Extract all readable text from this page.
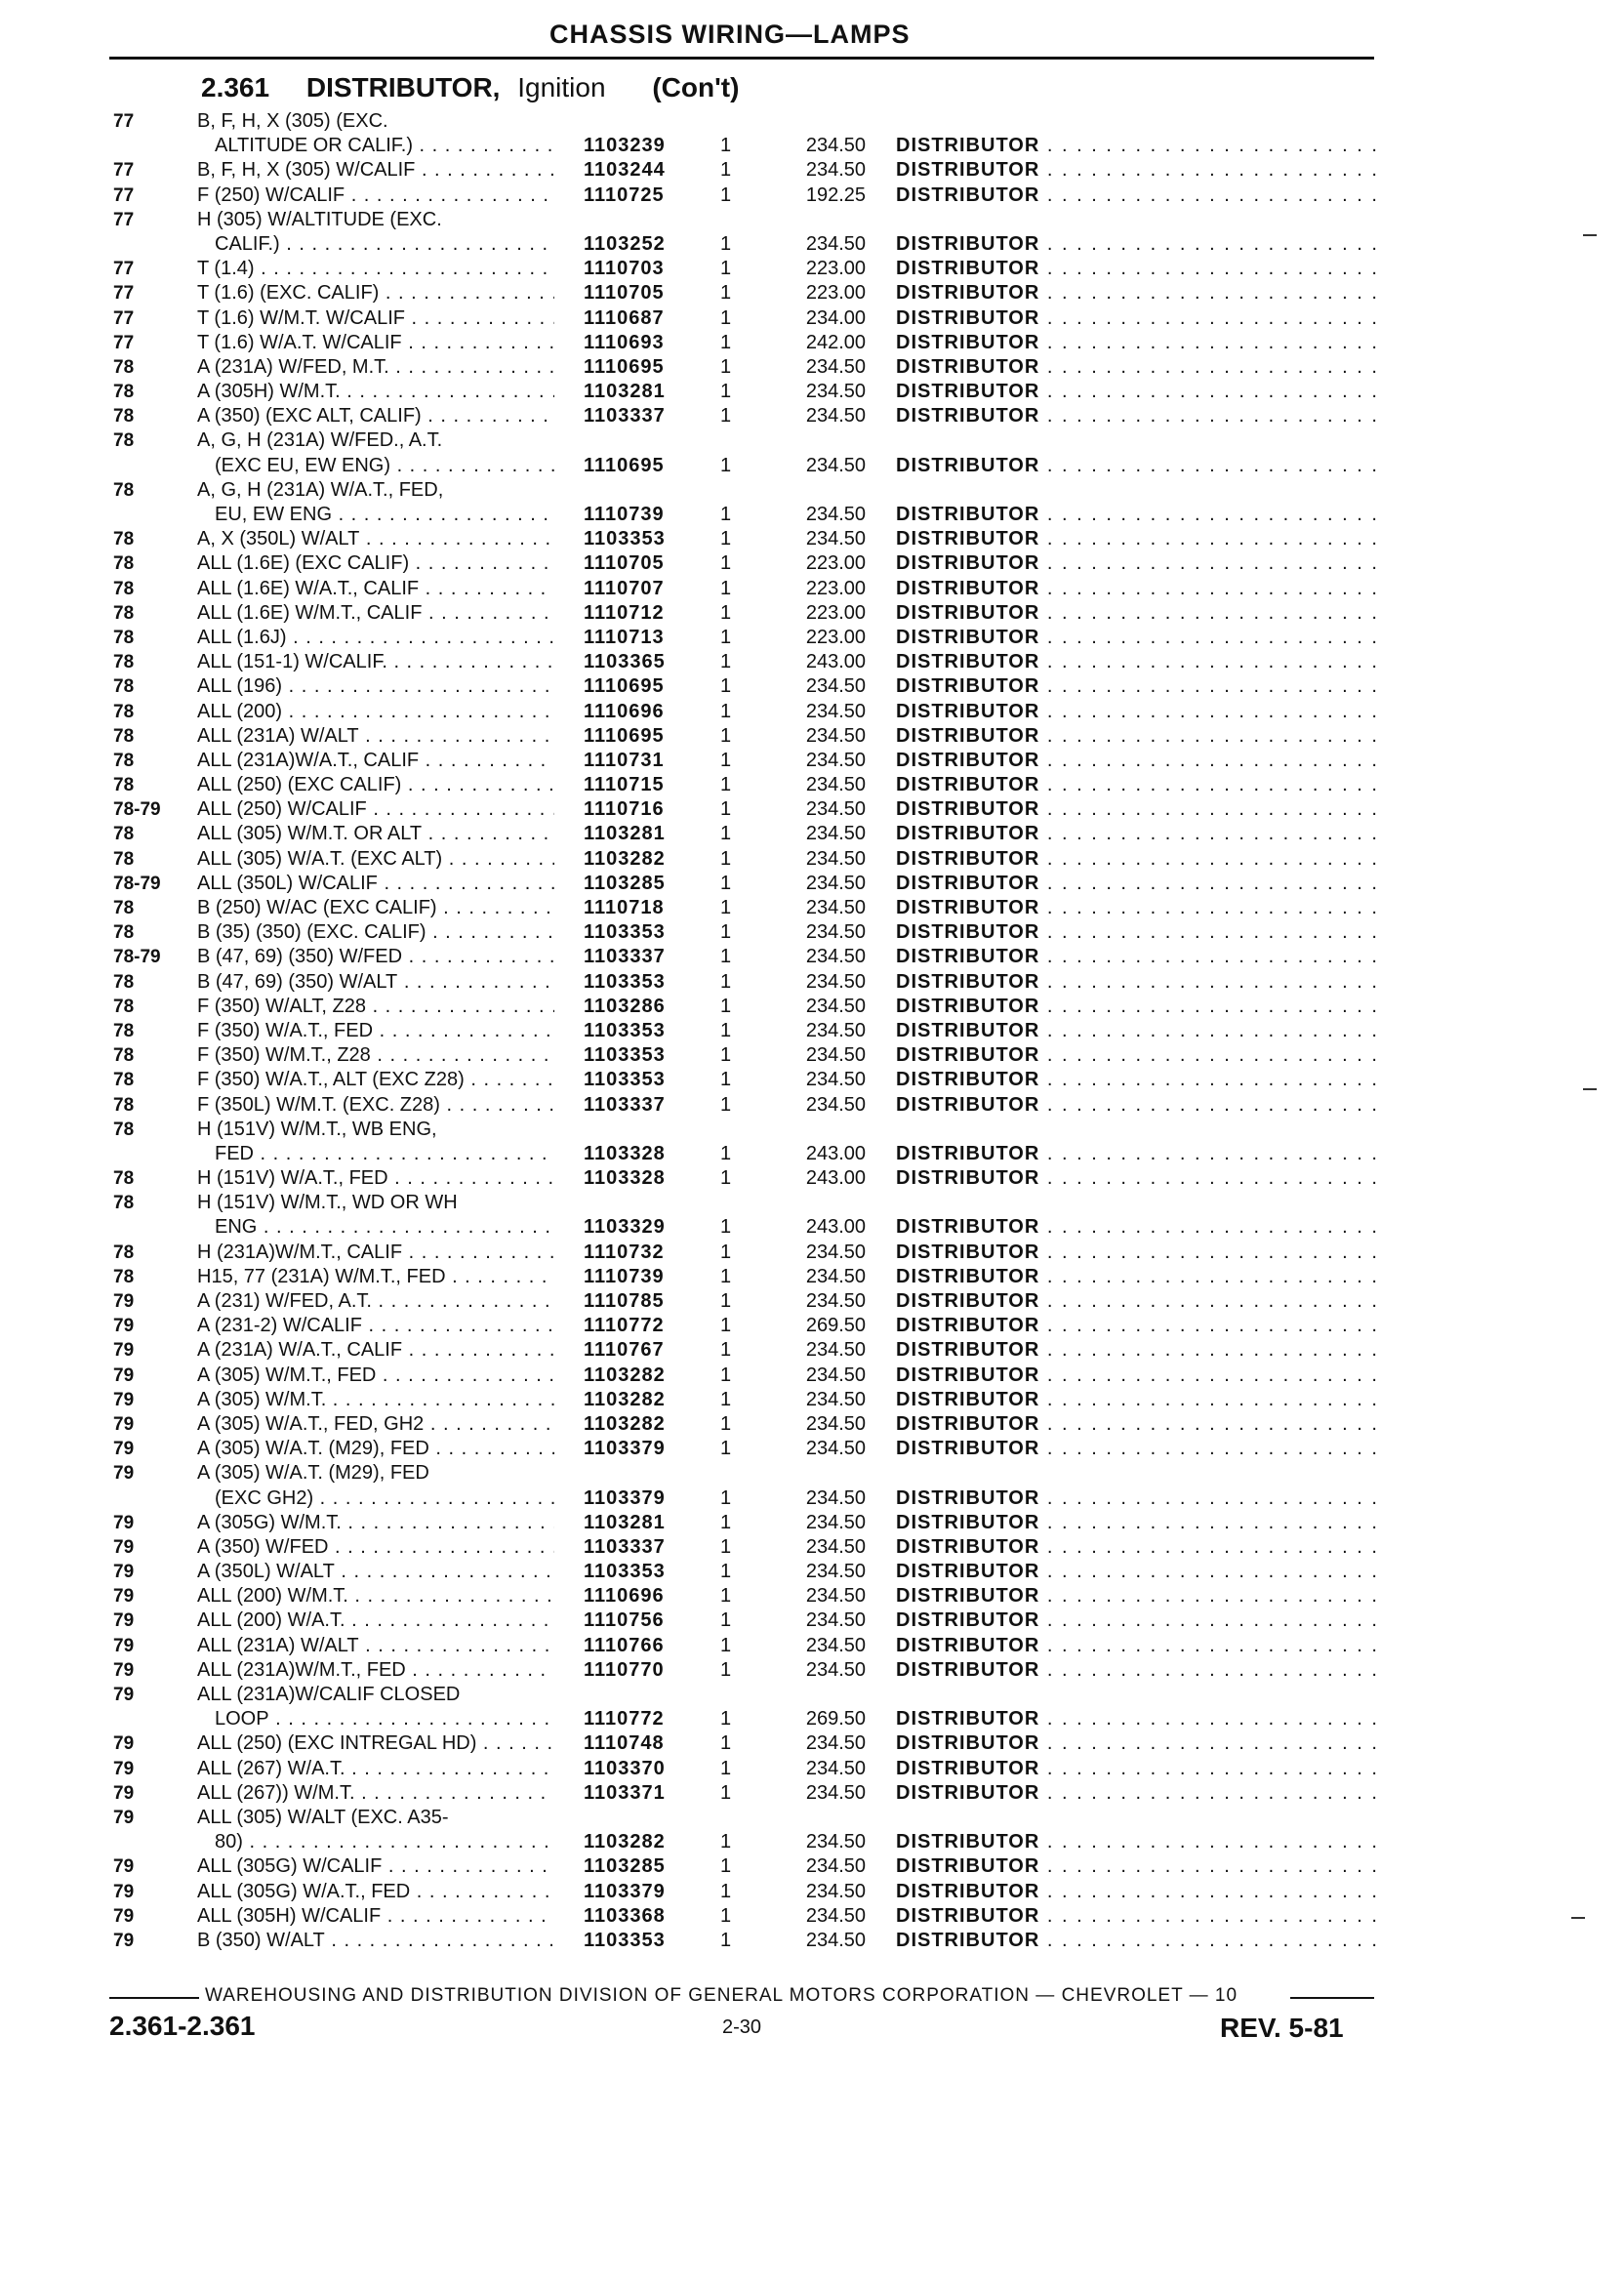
CHASSIS WIRING—LAMPS
2.361 DISTRIBUTOR, Ignition (Con't)
77	B, F, H, X (305) (EXC.
ALTITUDE OR CALIF.) . . .	1103239	1	234.50 DISTRIBUTOR . . .
77	B, F, H, X (305) W/CALIF . . .	1103244	1	234.50 DISTRIBUTOR . . .
77	F (250) W/CALIF . . .	1110725	1	192.25 DISTRIBUTOR . . .
77	H (305) W/ALTITUDE (EXC.
CALIF.) . . .	1103252	1	234.50 DISTRIBUTOR . . .
77	T (1.4) . . .	1110703	1	223.00 DISTRIBUTOR . . .
77	T (1.6) (EXC. CALIF) . . .	1110705	1	223.00 DISTRIBUTOR . . .
77	T (1.6) W/M.T. W/CALIF . . .	1110687	1	234.00 DISTRIBUTOR . . .
77	T (1.6) W/A.T. W/CALIF . . .	1110693	1	242.00 DISTRIBUTOR . . .
78	A (231A) W/FED, M.T. . . .	1110695	1	234.50 DISTRIBUTOR . . .
78	A (305H) W/M.T. . . .	1103281	1	234.50 DISTRIBUTOR . . .
78	A (350) (EXC ALT, CALIF) . . .	1103337	1	234.50 DISTRIBUTOR . . .
78	A, G, H (231A) W/FED., A.T.
(EXC EU, EW ENG) . . .	1110695	1	234.50 DISTRIBUTOR . . .
78	A, G, H (231A) W/A.T., FED,
EU, EW ENG . . .	1110739	1	234.50 DISTRIBUTOR . . .
78	A, X (350L) W/ALT . . .	1103353	1	234.50 DISTRIBUTOR . . .
78	ALL (1.6E) (EXC CALIF) . . .	1110705	1	223.00 DISTRIBUTOR . . .
78	ALL (1.6E) W/A.T., CALIF . . .	1110707	1	223.00 DISTRIBUTOR . . .
78	ALL (1.6E) W/M.T., CALIF . . .	1110712	1	223.00 DISTRIBUTOR . . .
78	ALL (1.6J) . . .	1110713	1	223.00 DISTRIBUTOR . . .
78	ALL (151-1) W/CALIF. . . .	1103365	1	243.00 DISTRIBUTOR . . .
78	ALL (196) . . .	1110695	1	234.50 DISTRIBUTOR . . .
78	ALL (200) . . .	1110696	1	234.50 DISTRIBUTOR . . .
78	ALL (231A) W/ALT . . .	1110695	1	234.50 DISTRIBUTOR . . .
78	ALL (231A)W/A.T., CALIF . . .	1110731	1	234.50 DISTRIBUTOR . . .
78	ALL (250) (EXC CALIF) . . .	1110715	1	234.50 DISTRIBUTOR . . .
78-79	ALL (250) W/CALIF . . .	1110716	1	234.50 DISTRIBUTOR . . .
78	ALL (305) W/M.T. OR ALT . . .	1103281	1	234.50 DISTRIBUTOR . . .
78	ALL (305) W/A.T. (EXC ALT) . . .	1103282	1	234.50 DISTRIBUTOR . . .
78-79	ALL (350L) W/CALIF . . .	1103285	1	234.50 DISTRIBUTOR . . .
78	B (250) W/AC (EXC CALIF) . . .	1110718	1	234.50 DISTRIBUTOR . . .
78	B (35) (350) (EXC. CALIF) . . .	1103353	1	234.50 DISTRIBUTOR . . .
78-79	B (47, 69) (350) W/FED . . .	1103337	1	234.50 DISTRIBUTOR . . .
78	B (47, 69) (350) W/ALT . . .	1103353	1	234.50 DISTRIBUTOR . . .
78	F (350) W/ALT, Z28 . . .	1103286	1	234.50 DISTRIBUTOR . . .
78	F (350) W/A.T., FED . . .	1103353	1	234.50 DISTRIBUTOR . . .
78	F (350) W/M.T., Z28 . . .	1103353	1	234.50 DISTRIBUTOR . . .
78	F (350) W/A.T., ALT (EXC Z28) . . .	1103353	1	234.50 DISTRIBUTOR . . .
78	F (350L) W/M.T. (EXC. Z28) . . .	1103337	1	234.50 DISTRIBUTOR . . .
78	H (151V) W/M.T., WB ENG,
FED . . .	1103328	1	243.00 DISTRIBUTOR . . .
78	H (151V) W/A.T., FED . . .	1103328	1	243.00 DISTRIBUTOR . . .
78	H (151V) W/M.T., WD OR WH
ENG . . .	1103329	1	243.00 DISTRIBUTOR . . .
78	H (231A)W/M.T., CALIF . . .	1110732	1	234.50 DISTRIBUTOR . . .
78	H15, 77 (231A) W/M.T., FED . . .	1110739	1	234.50 DISTRIBUTOR . . .
79	A (231) W/FED, A.T. . . .	1110785	1	234.50 DISTRIBUTOR . . .
79	A (231-2) W/CALIF . . .	1110772	1	269.50 DISTRIBUTOR . . .
79	A (231A) W/A.T., CALIF . . .	1110767	1	234.50 DISTRIBUTOR . . .
79	A (305) W/M.T., FED . . .	1103282	1	234.50 DISTRIBUTOR . . .
79	A (305) W/M.T. . . .	1103282	1	234.50 DISTRIBUTOR . . .
79	A (305) W/A.T., FED, GH2 . . .	1103282	1	234.50 DISTRIBUTOR . . .
79	A (305) W/A.T. (M29), FED . . .	1103379	1	234.50 DISTRIBUTOR . . .
79	A (305) W/A.T. (M29), FED
(EXC GH2) . . .	1103379	1	234.50 DISTRIBUTOR . . .
79	A (305G) W/M.T. . . .	1103281	1	234.50 DISTRIBUTOR . . .
79	A (350) W/FED . . .	1103337	1	234.50 DISTRIBUTOR . . .
79	A (350L) W/ALT . . .	1103353	1	234.50 DISTRIBUTOR . . .
79	ALL (200) W/M.T. . . .	1110696	1	234.50 DISTRIBUTOR . . .
79	ALL (200) W/A.T. . . .	1110756	1	234.50 DISTRIBUTOR . . .
79	ALL (231A) W/ALT . . .	1110766	1	234.50 DISTRIBUTOR . . .
79	ALL (231A)W/M.T., FED . . .	1110770	1	234.50 DISTRIBUTOR . . .
79	ALL (231A)W/CALIF CLOSED
LOOP . . .	1110772	1	269.50 DISTRIBUTOR . . .
79	ALL (250) (EXC INTREGAL HD) . . .	1110748	1	234.50 DISTRIBUTOR . . .
79	ALL (267) W/A.T. . . .	1103370	1	234.50 DISTRIBUTOR . . .
79	ALL (267)) W/M.T. . . .	1103371	1	234.50 DISTRIBUTOR . . .
79	ALL (305) W/ALT (EXC. A35-
80) . . .	1103282	1	234.50 DISTRIBUTOR . . .
79	ALL (305G) W/CALIF . . .	1103285	1	234.50 DISTRIBUTOR . . .
79	ALL (305G) W/A.T., FED . . .	1103379	1	234.50 DISTRIBUTOR . . .
79	ALL (305H) W/CALIF . . .	1103368	1	234.50 DISTRIBUTOR . . .
79	B (350) W/ALT . . .	1103353	1	234.50 DISTRIBUTOR . . .
WAREHOUSING AND DISTRIBUTION DIVISION OF GENERAL MOTORS CORPORATION — CHEVROLET — 10
2.361-2.361	2-30	REV. 5-81
